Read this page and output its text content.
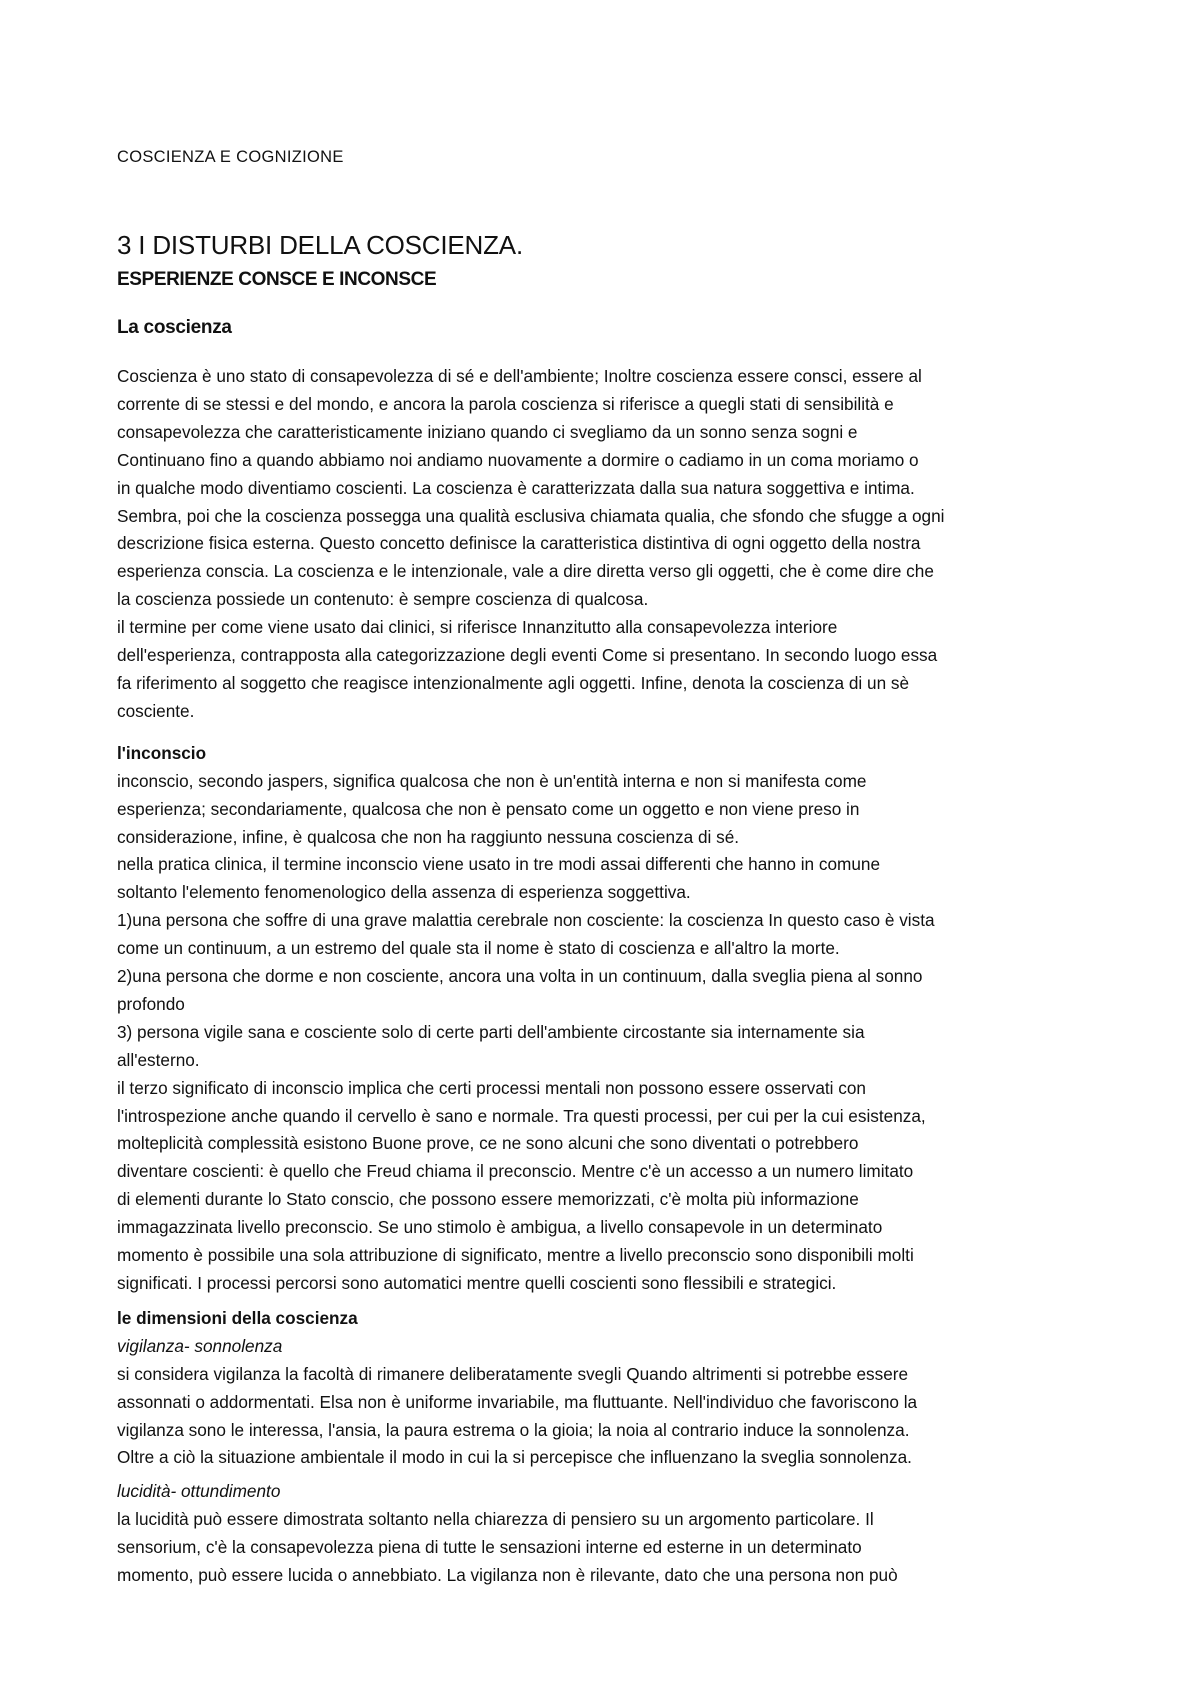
COSCIENZA E COGNIZIONE

3 I DISTURBI DELLA COSCIENZA.
ESPERIENZE CONSCE E INCONSCE
La coscienza
Coscienza è uno stato di consapevolezza di sé e dell'ambiente; Inoltre coscienza essere consci, essere al
corrente di se stessi e del mondo, e ancora la parola coscienza si riferisce a quegli stati di sensibilità e
consapevolezza che caratteristicamente iniziano quando ci svegliamo da un sonno senza sogni e
Continuano fino a quando abbiamo noi andiamo nuovamente a dormire o cadiamo in un coma moriamo o
in qualche modo diventiamo coscienti. La coscienza è caratterizzata dalla sua natura soggettiva e intima.
Sembra, poi che la coscienza possegga una qualità esclusiva chiamata qualia, che sfondo che sfugge a ogni
descrizione fisica esterna. Questo concetto definisce la caratteristica distintiva di ogni oggetto della nostra
esperienza conscia. La coscienza e le intenzionale, vale a dire diretta verso gli oggetti, che è come dire che
la coscienza possiede un contenuto: è sempre coscienza di qualcosa.
il termine per come viene usato dai clinici, si riferisce Innanzitutto alla consapevolezza interiore
dell'esperienza, contrapposta alla categorizzazione degli eventi Come si presentano. In secondo luogo essa
fa riferimento al soggetto che reagisce intenzionalmente agli oggetti. Infine, denota la coscienza di un sè
cosciente.

l'inconscio

inconscio, secondo jaspers, significa qualcosa che non è un'entità interna e non si manifesta come
esperienza; secondariamente, qualcosa che non è pensato come un oggetto e non viene preso in
considerazione, infine, è qualcosa che non ha raggiunto nessuna coscienza di sé.
nella pratica clinica, il termine inconscio viene usato in tre modi assai differenti che hanno in comune
soltanto l'elemento fenomenologico della assenza di esperienza soggettiva.
1)una persona che soffre di una grave malattia cerebrale non cosciente: la coscienza In questo caso è vista
come un continuum, a un estremo del quale sta il nome è stato di coscienza e all'altro la morte.
2)una persona che dorme e non cosciente, ancora una volta in un continuum, dalla sveglia piena al sonno
profondo
3) persona vigile sana e cosciente solo di certe parti dell'ambiente circostante sia internamente sia
all'esterno.
il terzo significato di inconscio implica che certi processi mentali non possono essere osservati con
l'introspezione anche quando il cervello è sano e normale. Tra questi processi, per cui per la cui esistenza,
molteplicità complessità esistono Buone prove, ce ne sono alcuni che sono diventati o potrebbero
diventare coscienti: è quello che Freud chiama il preconscio. Mentre c'è un accesso a un numero limitato
di elementi durante lo Stato conscio, che possono essere memorizzati, c'è molta più informazione
immagazzinata livello preconscio. Se uno stimolo è ambigua, a livello consapevole in un determinato
momento è possibile una sola attribuzione di significato, mentre a livello preconscio sono disponibili molti
significati. I processi percorsi sono automatici mentre quelli coscienti sono flessibili e strategici.

le dimensioni della coscienza

vigilanza- sonnolenza

si considera vigilanza la facoltà di rimanere deliberatamente svegli Quando altrimenti si potrebbe essere
assonnati o addormentati. Elsa non è uniforme invariabile, ma fluttuante. Nell'individuo che favoriscono la
vigilanza sono le interessa, l'ansia, la paura estrema o la gioia; la noia al contrario induce la sonnolenza.
Oltre a ciò la situazione ambientale il modo in cui la si percepisce che influenzano la sveglia sonnolenza.

lucidità- ottundimento

la lucidità può essere dimostrata soltanto nella chiarezza di pensiero su un argomento particolare. Il
sensorium, c'è la consapevolezza piena di tutte le sensazioni interne ed esterne in un determinato
momento, può essere lucida o annebbiato. La vigilanza non è rilevante, dato che una persona non può
